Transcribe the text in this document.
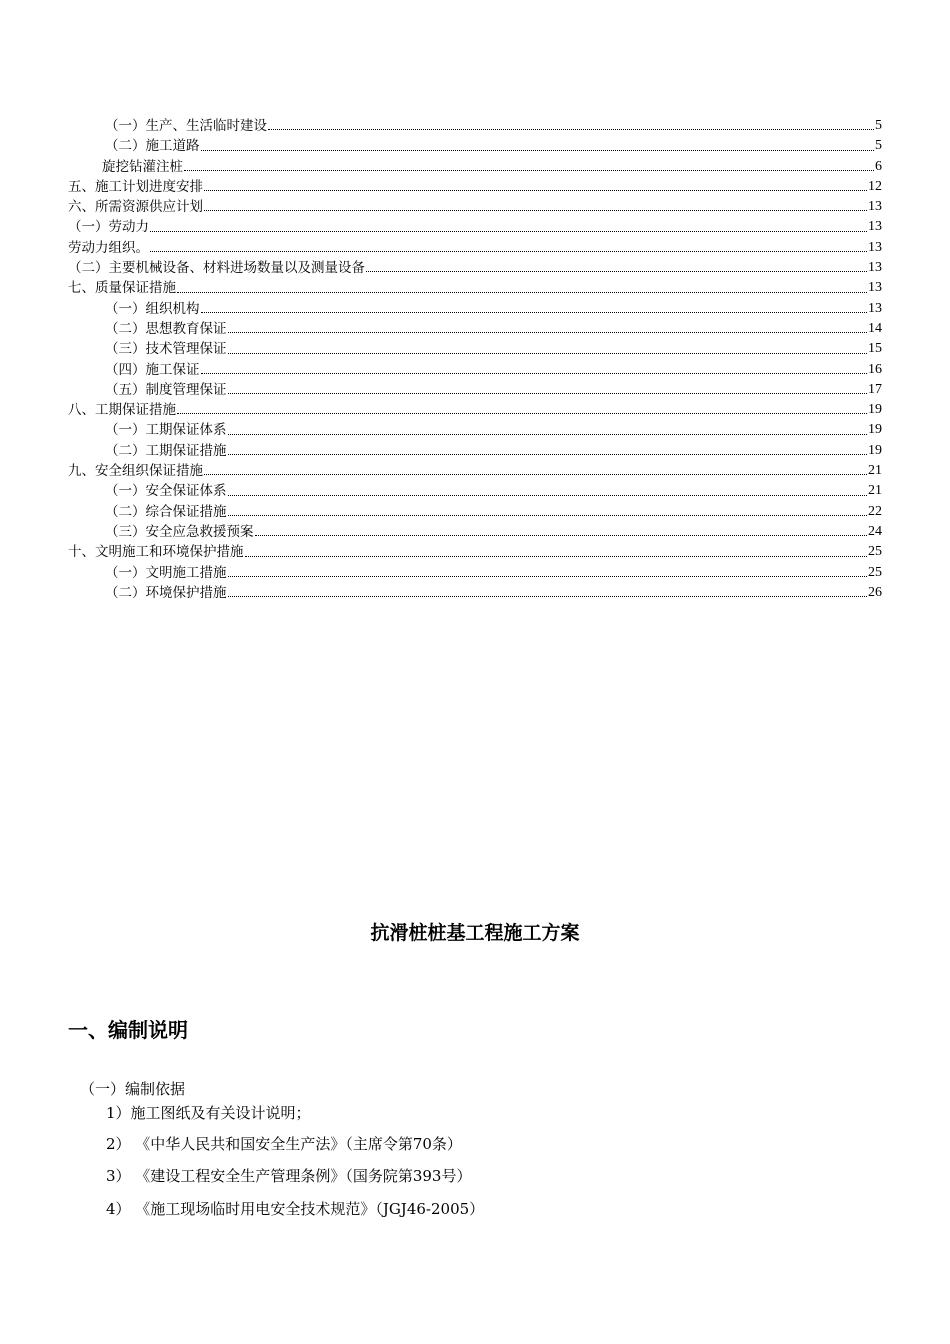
（一）生产、生活临时建设	5
（二）施工道路	5
旋挖钻灌注桩	6
五、施工计划进度安排	12
六、所需资源供应计划	13
（一）劳动力	13
劳动力组织。	13
（二）主要机械设备、材料进场数量以及测量设备	13
七、质量保证措施	13
（一）组织机构	13
（二）思想教育保证	14
（三）技术管理保证	15
（四）施工保证	16
（五）制度管理保证	17
八、工期保证措施	19
（一）工期保证体系	19
（二）工期保证措施	19
九、安全组织保证措施	21
（一）安全保证体系	21
（二）综合保证措施	22
（三）安全应急救援预案	24
十、文明施工和环境保护措施	25
（一）文明施工措施	25
（二）环境保护措施	26
抗滑桩桩基工程施工方案
一、编制说明
（一）编制依据
1）施工图纸及有关设计说明；
2） 《中华人民共和国安全生产法》（主席令第70条）
3） 《建设工程安全生产管理条例》（国务院第393号）
4） 《施工现场临时用电安全技术规范》（JGJ46-2005）
